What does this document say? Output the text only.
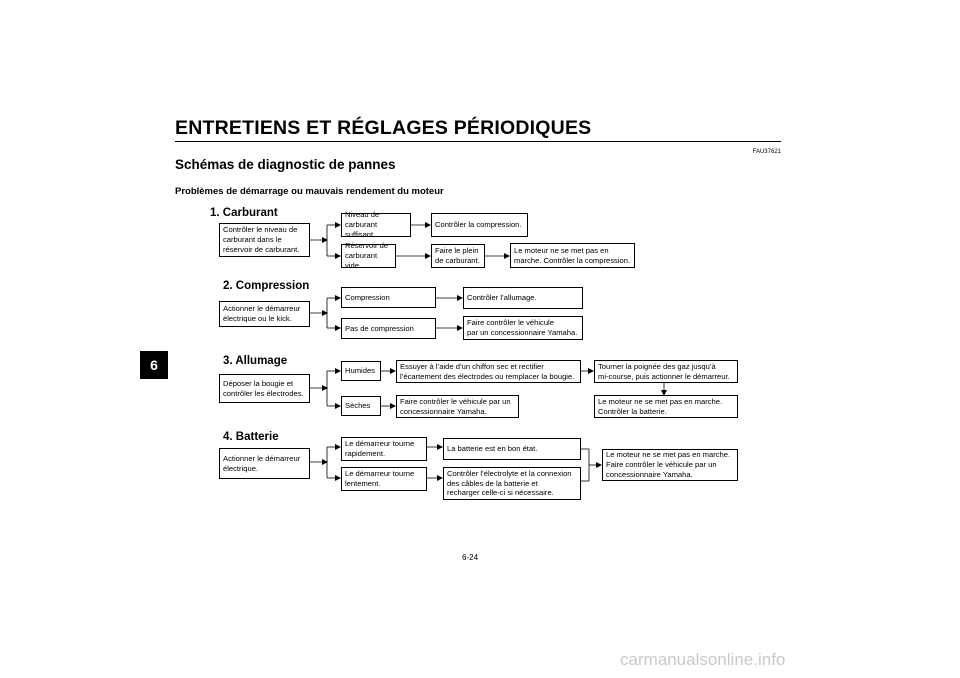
ENTRETIENS ET RÉGLAGES PÉRIODIQUES
6
FAU37621
Schémas de diagnostic de pannes
Problèmes de démarrage ou mauvais rendement du moteur
1. Carburant
Contrôler le niveau de
carburant dans le
réservoir de carburant.
Niveau de
carburant suffisant
Réservoir de
carburant vide
Contrôler la compression.
Faire le plein
de carburant.
Le moteur ne se met pas en
marche. Contrôler la compression.
2. Compression
Actionner le démarreur
électrique ou le kick.
Compression
Pas de compression
Contrôler l’allumage.
Faire contrôler le véhicule
par un concessionnaire Yamaha.
3. Allumage
Déposer la bougie et
contrôler les électrodes.
Humides
Sèches
Essuyer à l’aide d’un chiffon sec et rectifier
l’écartement des électrodes ou remplacer la bougie.
Faire contrôler le véhicule par un
concessionnaire Yamaha.
Tourner la poignée des gaz jusqu’à
mi-course, puis actionner le démarreur.
Le moteur ne se met pas en marche.
Contrôler la batterie.
4. Batterie
Actionner le démarreur
électrique.
Le démarreur tourne
rapidement.
Le démarreur tourne
lentement.
La batterie est en bon état.
Contrôler l’électrolyte et la connexion
des câbles de la batterie et
recharger celle-ci si nécessaire.
Le moteur ne se met pas en marche.
Faire contrôler le véhicule par un
concessionnaire Yamaha.
6-24
carmanualsonline.info
